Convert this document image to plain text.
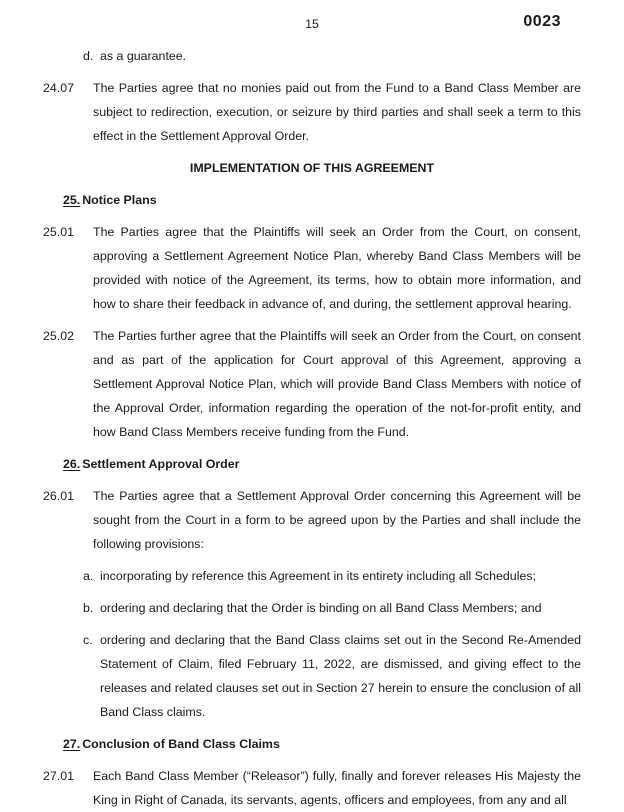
15	0023
d. as a guarantee.
24.07 The Parties agree that no monies paid out from the Fund to a Band Class Member are subject to redirection, execution, or seizure by third parties and shall seek a term to this effect in the Settlement Approval Order.
IMPLEMENTATION OF THIS AGREEMENT
25. Notice Plans
25.01 The Parties agree that the Plaintiffs will seek an Order from the Court, on consent, approving a Settlement Agreement Notice Plan, whereby Band Class Members will be provided with notice of the Agreement, its terms, how to obtain more information, and how to share their feedback in advance of, and during, the settlement approval hearing.
25.02 The Parties further agree that the Plaintiffs will seek an Order from the Court, on consent and as part of the application for Court approval of this Agreement, approving a Settlement Approval Notice Plan, which will provide Band Class Members with notice of the Approval Order, information regarding the operation of the not-for-profit entity, and how Band Class Members receive funding from the Fund.
26. Settlement Approval Order
26.01 The Parties agree that a Settlement Approval Order concerning this Agreement will be sought from the Court in a form to be agreed upon by the Parties and shall include the following provisions:
a. incorporating by reference this Agreement in its entirety including all Schedules;
b. ordering and declaring that the Order is binding on all Band Class Members; and
c. ordering and declaring that the Band Class claims set out in the Second Re-Amended Statement of Claim, filed February 11, 2022, are dismissed, and giving effect to the releases and related clauses set out in Section 27 herein to ensure the conclusion of all Band Class claims.
27. Conclusion of Band Class Claims
27.01 Each Band Class Member (“Releasor”) fully, finally and forever releases His Majesty the King in Right of Canada, its servants, agents, officers and employees, from any and all
